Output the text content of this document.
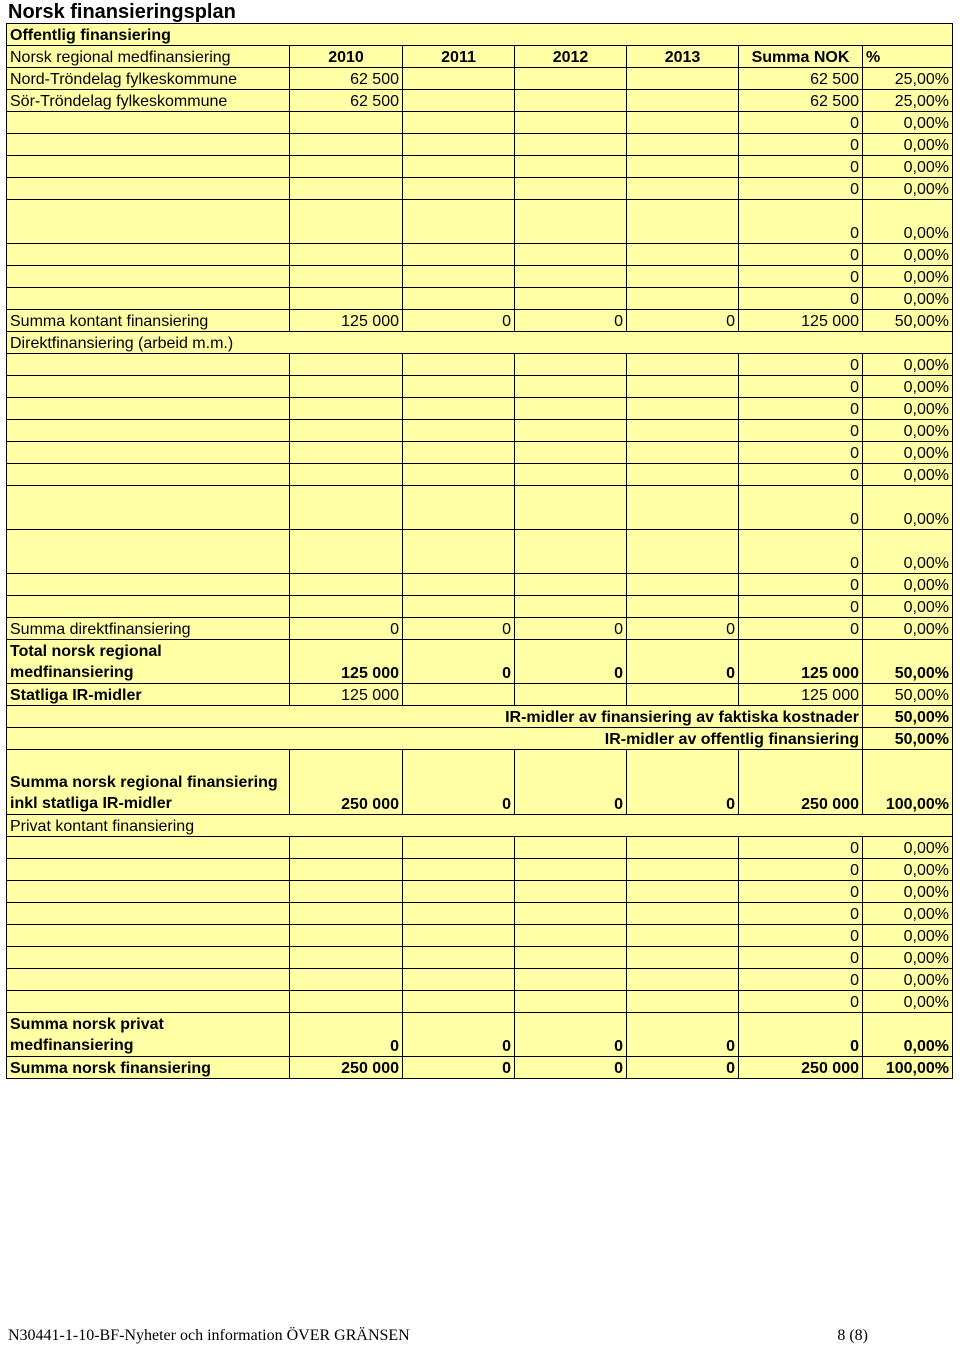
Norsk finansieringsplan
Offentlig finansiering						
Norsk regional medfinansiering	2010	2011	2012	2013	Summa NOK	%
Nord-Tröndelag fylkeskommune	62 500				62 500	25,00%
Sör-Tröndelag fylkeskommune	62 500				62 500	25,00%
					0	0,00%
					0	0,00%
					0	0,00%
					0	0,00%
					0	0,00%
					0	0,00%
					0	0,00%
					0	0,00%
Summa kontant finansiering	125 000	0	0	0	125 000	50,00%
Direktfinansiering (arbeid m.m.)						
					0	0,00%
					0	0,00%
					0	0,00%
					0	0,00%
					0	0,00%
					0	0,00%
					0	0,00%
					0	0,00%
					0	0,00%
					0	0,00%
Summa direktfinansiering	0	0	0	0	0	0,00%
Total norsk regional medfinansiering	125 000	0	0	0	125 000	50,00%
Statliga IR-midler	125 000				125 000	50,00%
IR-midler av finansiering av faktiska kostnader						50,00%
IR-midler av offentlig finansiering						50,00%
Summa norsk regional finansiering inkl statliga IR-midler	250 000	0	0	0	250 000	100,00%
Privat kontant finansiering						
					0	0,00%
					0	0,00%
					0	0,00%
					0	0,00%
					0	0,00%
					0	0,00%
					0	0,00%
					0	0,00%
Summa norsk privat medfinansiering	0	0	0	0	0	0,00%
Summa norsk finansiering	250 000	0	0	0	250 000	100,00%
N30441-1-10-BF-Nyheter och information ÖVER GRÄNSEN	8 (8)
